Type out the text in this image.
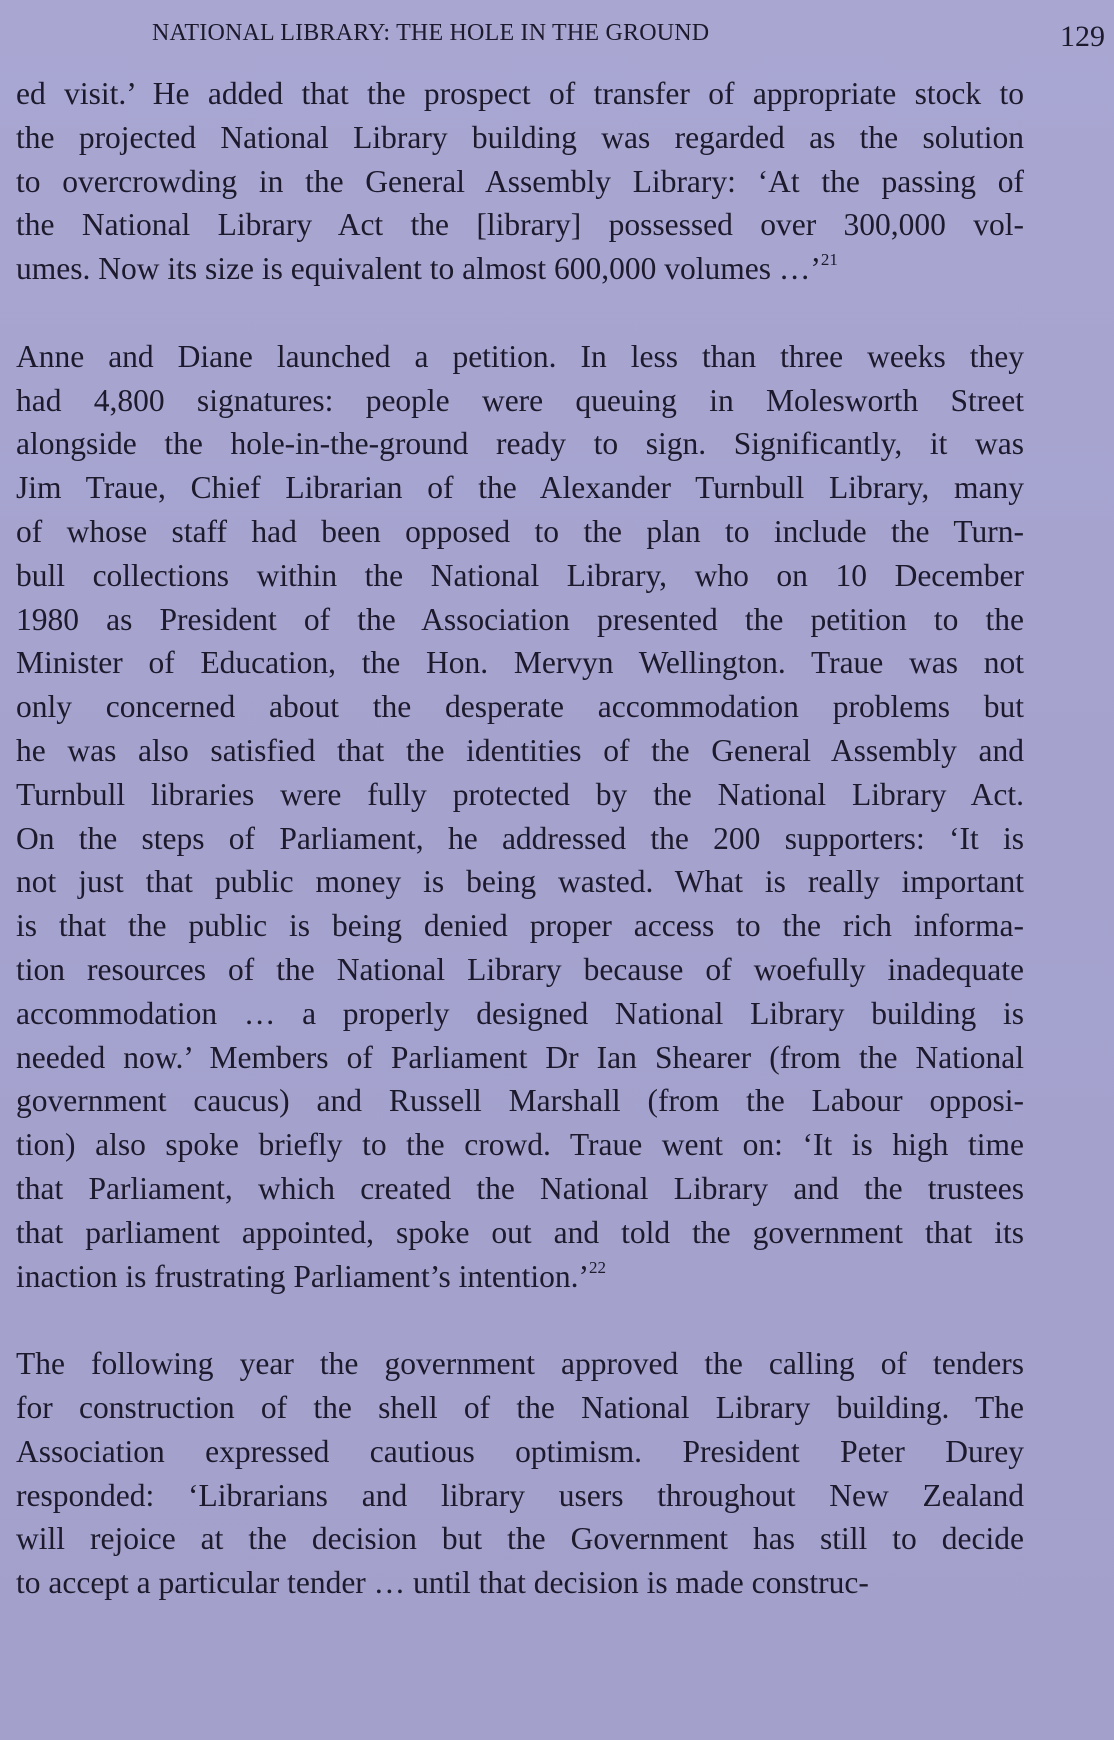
NATIONAL LIBRARY: THE HOLE IN THE GROUND	129

ed visit.’ He added that the prospect of transfer of appropriate stock to
the projected National Library building was regarded as the solution
to overcrowding in the General Assembly Library: ‘At the passing of
the National Library Act the [library] possessed over 300,000 vol-
umes. Now its size is equivalent to almost 600,000 volumes …’$^{21}$

Anne and Diane launched a petition. In less than three weeks they
had 4,800 signatures: people were queuing in Molesworth Street
alongside the hole-in-the-ground ready to sign. Significantly, it was
Jim Traue, Chief Librarian of the Alexander Turnbull Library, many
of whose staff had been opposed to the plan to include the Turn-
bull collections within the National Library, who on 10 December
1980 as President of the Association presented the petition to the
Minister of Education, the Hon. Mervyn Wellington. Traue was not
only concerned about the desperate accommodation problems but
he was also satisfied that the identities of the General Assembly and
Turnbull libraries were fully protected by the National Library Act.
On the steps of Parliament, he addressed the 200 supporters: ‘It is
not just that public money is being wasted. What is really important
is that the public is being denied proper access to the rich informa-
tion resources of the National Library because of woefully inadequate
accommodation … a properly designed National Library building is
needed now.’ Members of Parliament Dr Ian Shearer (from the National
government caucus) and Russell Marshall (from the Labour opposi-
tion) also spoke briefly to the crowd. Traue went on: ‘It is high time
that Parliament, which created the National Library and the trustees
that parliament appointed, spoke out and told the government that its
inaction is frustrating Parliament’s intention.’$^{22}$

The following year the government approved the calling of tenders
for construction of the shell of the National Library building. The
Association expressed cautious optimism. President Peter Durey
responded: ‘Librarians and library users throughout New Zealand
will rejoice at the decision but the Government has still to decide
to accept a particular tender … until that decision is made construc-
